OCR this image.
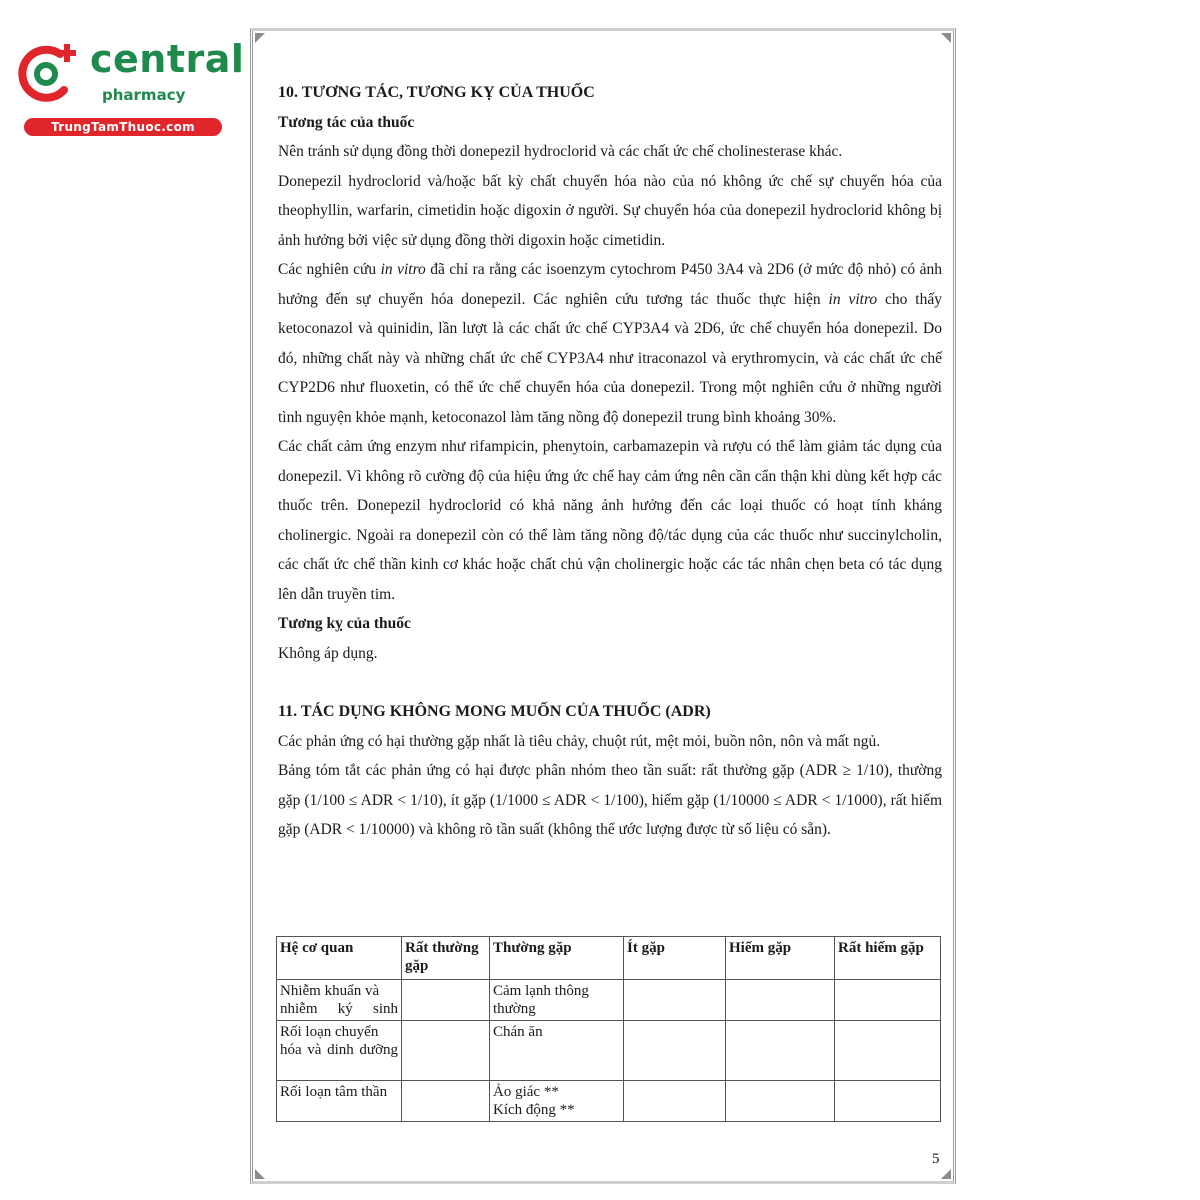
central
pharmacy
TrungTamThuoc.com

10. TƯƠNG TÁC, TƯƠNG KỴ CỦA THUỐC

Tương tác của thuốc

Nên tránh sử dụng đồng thời donepezil hydroclorid và các chất ức chế cholinesterase khác.

Donepezil hydroclorid và/hoặc bất kỳ chất chuyển hóa nào của nó không ức chế sự chuyển hóa của theophyllin, warfarin, cimetidin hoặc digoxin ở người. Sự chuyển hóa của donepezil hydroclorid không bị ảnh hưởng bởi việc sử dụng đồng thời digoxin hoặc cimetidin.

Các nghiên cứu in vitro đã chỉ ra rằng các isoenzym cytochrom P450 3A4 và 2D6 (ở mức độ nhỏ) có ảnh hưởng đến sự chuyển hóa donepezil. Các nghiên cứu tương tác thuốc thực hiện in vitro cho thấy ketoconazol và quinidin, lần lượt là các chất ức chế CYP3A4 và 2D6, ức chế chuyển hóa donepezil. Do đó, những chất này và những chất ức chế CYP3A4 như itraconazol và erythromycin, và các chất ức chế CYP2D6 như fluoxetin, có thể ức chế chuyển hóa của donepezil. Trong một nghiên cứu ở những người tình nguyện khỏe mạnh, ketoconazol làm tăng nồng độ donepezil trung bình khoảng 30%.

Các chất cảm ứng enzym như rifampicin, phenytoin, carbamazepin và rượu có thể làm giảm tác dụng của donepezil. Vì không rõ cường độ của hiệu ứng ức chế hay cảm ứng nên cần cẩn thận khi dùng kết hợp các thuốc trên. Donepezil hydroclorid có khả năng ảnh hưởng đến các loại thuốc có hoạt tính kháng cholinergic. Ngoài ra donepezil còn có thể làm tăng nồng độ/tác dụng của các thuốc như succinylcholin, các chất ức chế thần kinh cơ khác hoặc chất chủ vận cholinergic hoặc các tác nhân chẹn beta có tác dụng lên dẫn truyền tim.

Tương kỵ của thuốc

Không áp dụng.

11. TÁC DỤNG KHÔNG MONG MUỐN CỦA THUỐC (ADR)

Các phản ứng có hại thường gặp nhất là tiêu chảy, chuột rút, mệt mỏi, buồn nôn, nôn và mất ngủ.

Bảng tóm tắt các phản ứng có hại được phân nhóm theo tần suất: rất thường gặp (ADR ≥ 1/10), thường gặp (1/100 ≤ ADR < 1/10), ít gặp (1/1000 ≤ ADR < 1/100), hiếm gặp (1/10000 ≤ ADR < 1/1000), rất hiếm gặp (ADR < 1/10000) và không rõ tần suất (không thể ước lượng được từ số liệu có sẵn).

Hệ cơ quan	Rất thường gặp	Thường gặp	Ít gặp	Hiếm gặp	Rất hiếm gặp
Nhiễm khuẩn và nhiễm ký sinh		Cảm lạnh thông thường			
Rối loạn chuyển hóa và dinh dưỡng		Chán ăn			
Rối loạn tâm thần		Ảo giác **
Kích động **			

5
